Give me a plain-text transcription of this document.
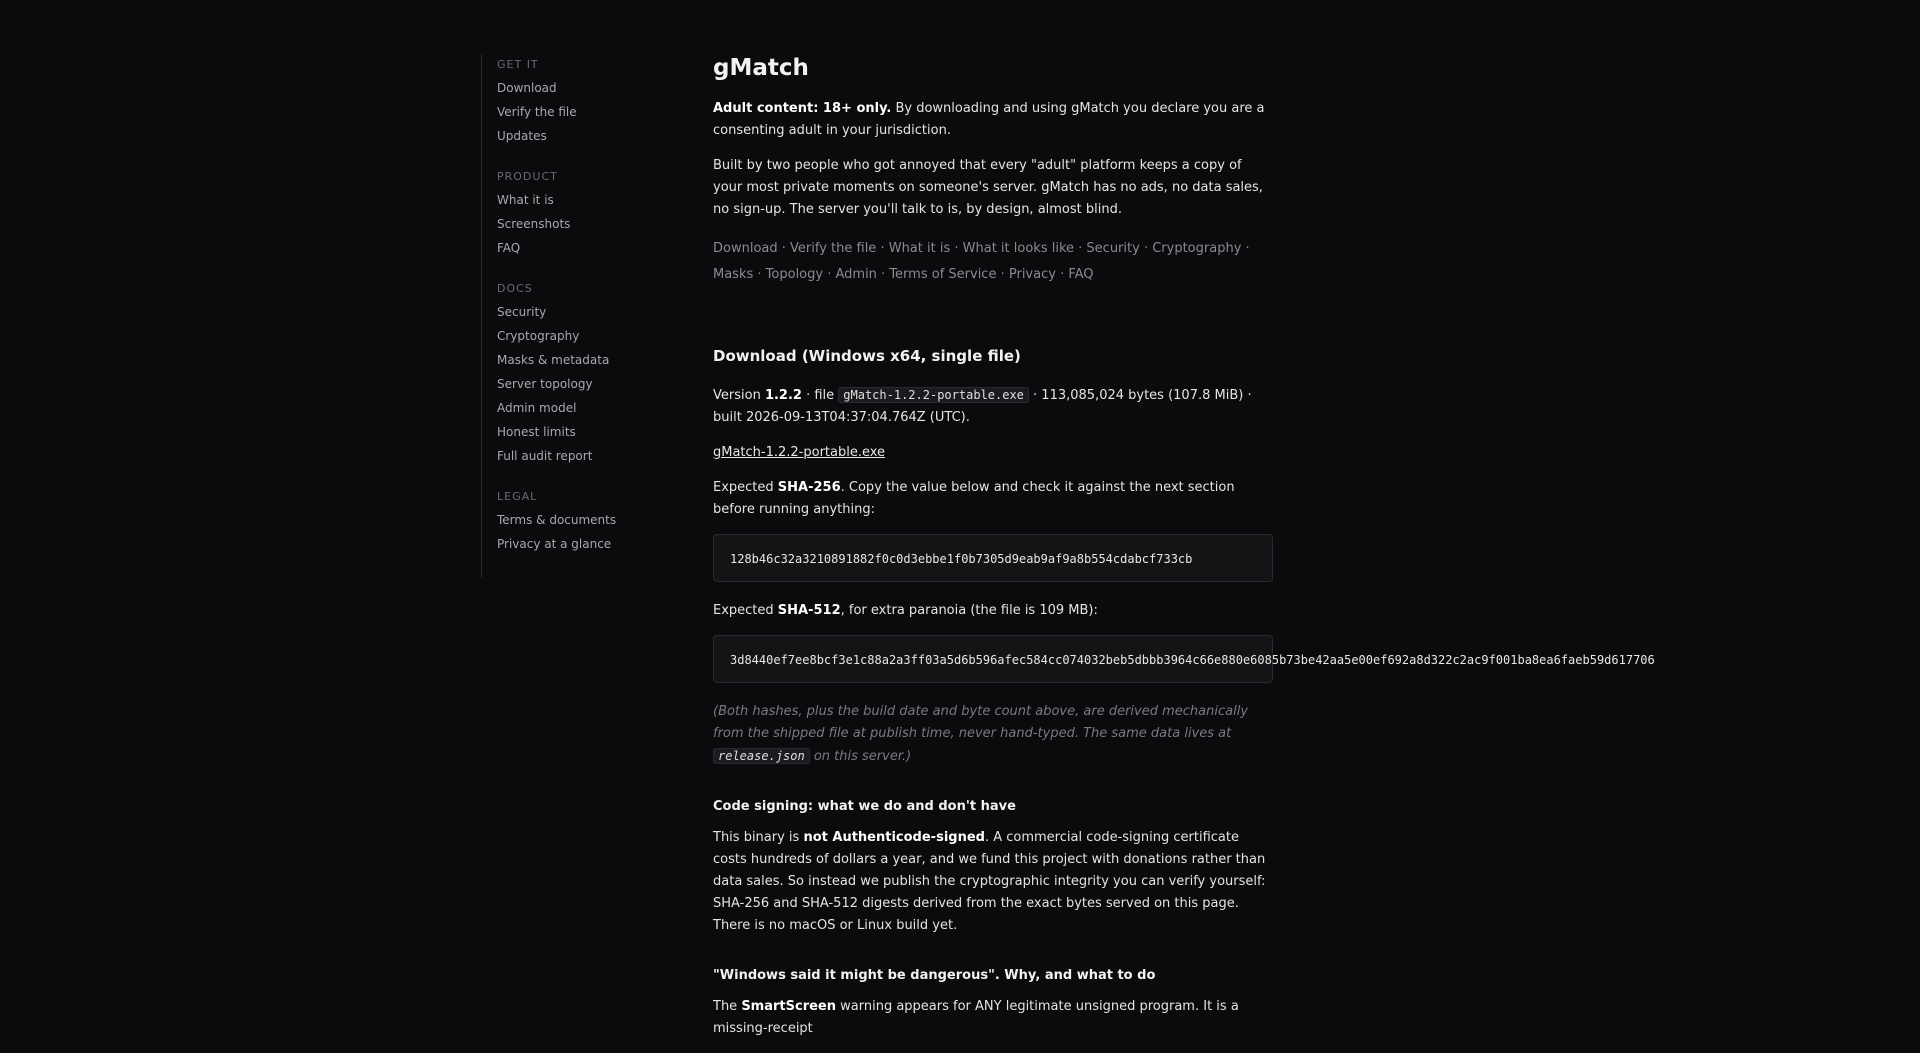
GET IT
Download
Verify the file
Updates
PRODUCT
What it is
Screenshots
FAQ
DOCS
Security
Cryptography
Masks & metadata
Server topology
Admin model
Honest limits
Full audit report
LEGAL
Terms & documents
Privacy at a glance
gMatch

Adult content: 18+ only. By downloading and using gMatch you declare you are a consenting adult in your jurisdiction.

Built by two people who got annoyed that every "adult" platform keeps a copy of your most private moments on someone's server. gMatch has no ads, no data sales, no sign-up. The server you'll talk to is, by design, almost blind.

Download · Verify the file · What it is · What it looks like · Security · Cryptography · Masks · Topology · Admin · Terms of Service · Privacy · FAQ
Download (Windows x64, single file)

Version 1.2.2 · file gMatch-1.2.2-portable.exe · 113,085,024 bytes (107.8 MiB) · built 2026-09-13T04:37:04.764Z (UTC).

gMatch-1.2.2-portable.exe

Expected SHA-256. Copy the value below and check it against the next section before running anything:

128b46c32a3210891882f0c0d3ebbe1f0b7305d9eab9af9a8b554cdabcf733cb

Expected SHA-512, for extra paranoia (the file is 109 MB):

3d8440ef7ee8bcf3e1c88a2a3ff03a5d6b596afec584cc074032beb5dbbb3964c66e880e6085b73be42aa5e00ef692a8d322c2ac9f001ba8ea6faeb59d617706

(Both hashes, plus the build date and byte count above, are derived mechanically from the shipped file at publish time, never hand-typed. The same data lives at release.json on this server.)

Code signing: what we do and don't have

This binary is not Authenticode-signed. A commercial code-signing certificate costs hundreds of dollars a year, and we fund this project with donations rather than data sales. So instead we publish the cryptographic integrity you can verify yourself: SHA-256 and SHA-512 digests derived from the exact bytes served on this page. There is no macOS or Linux build yet.

"Windows said it might be dangerous". Why, and what to do

The SmartScreen warning appears for ANY legitimate unsigned program. It is a missing-receipt
